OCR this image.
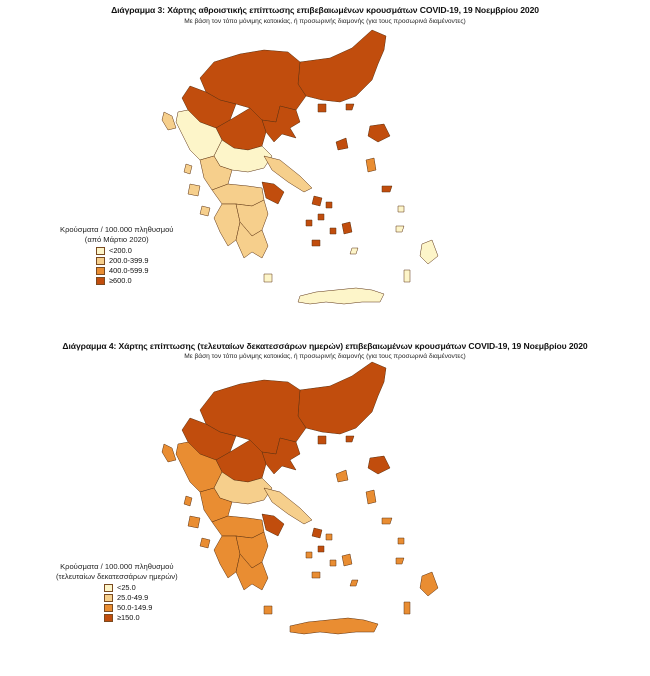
Διάγραμμα 3: Χάρτης αθροιστικής επίπτωσης επιβεβαιωμένων κρουσμάτων COVID-19, 19 Νοεμβρίου 2020
Με βάση τον τόπο μόνιμης κατοικίας, ή προσωρινής διαμονής (για τους προσωρινά διαμένοντες)
Κρούσματα / 100.000 πληθυσμού
(από Μάρτιο 2020)
<200.0
200.0-399.9
400.0-599.9
≥600.0
Διάγραμμα 4: Χάρτης επίπτωσης (τελευταίων δεκατεσσάρων ημερών) επιβεβαιωμένων κρουσμάτων COVID-19, 19 Νοεμβρίου 2020
Με βάση τον τόπο μόνιμης κατοικίας, ή προσωρινής διαμονής (για τους προσωρινά διαμένοντες)
Κρούσματα / 100.000 πληθυσμού
(τελευταίων δεκατεσσάρων ημερών)
<25.0
25.0-49.9
50.0-149.9
≥150.0
